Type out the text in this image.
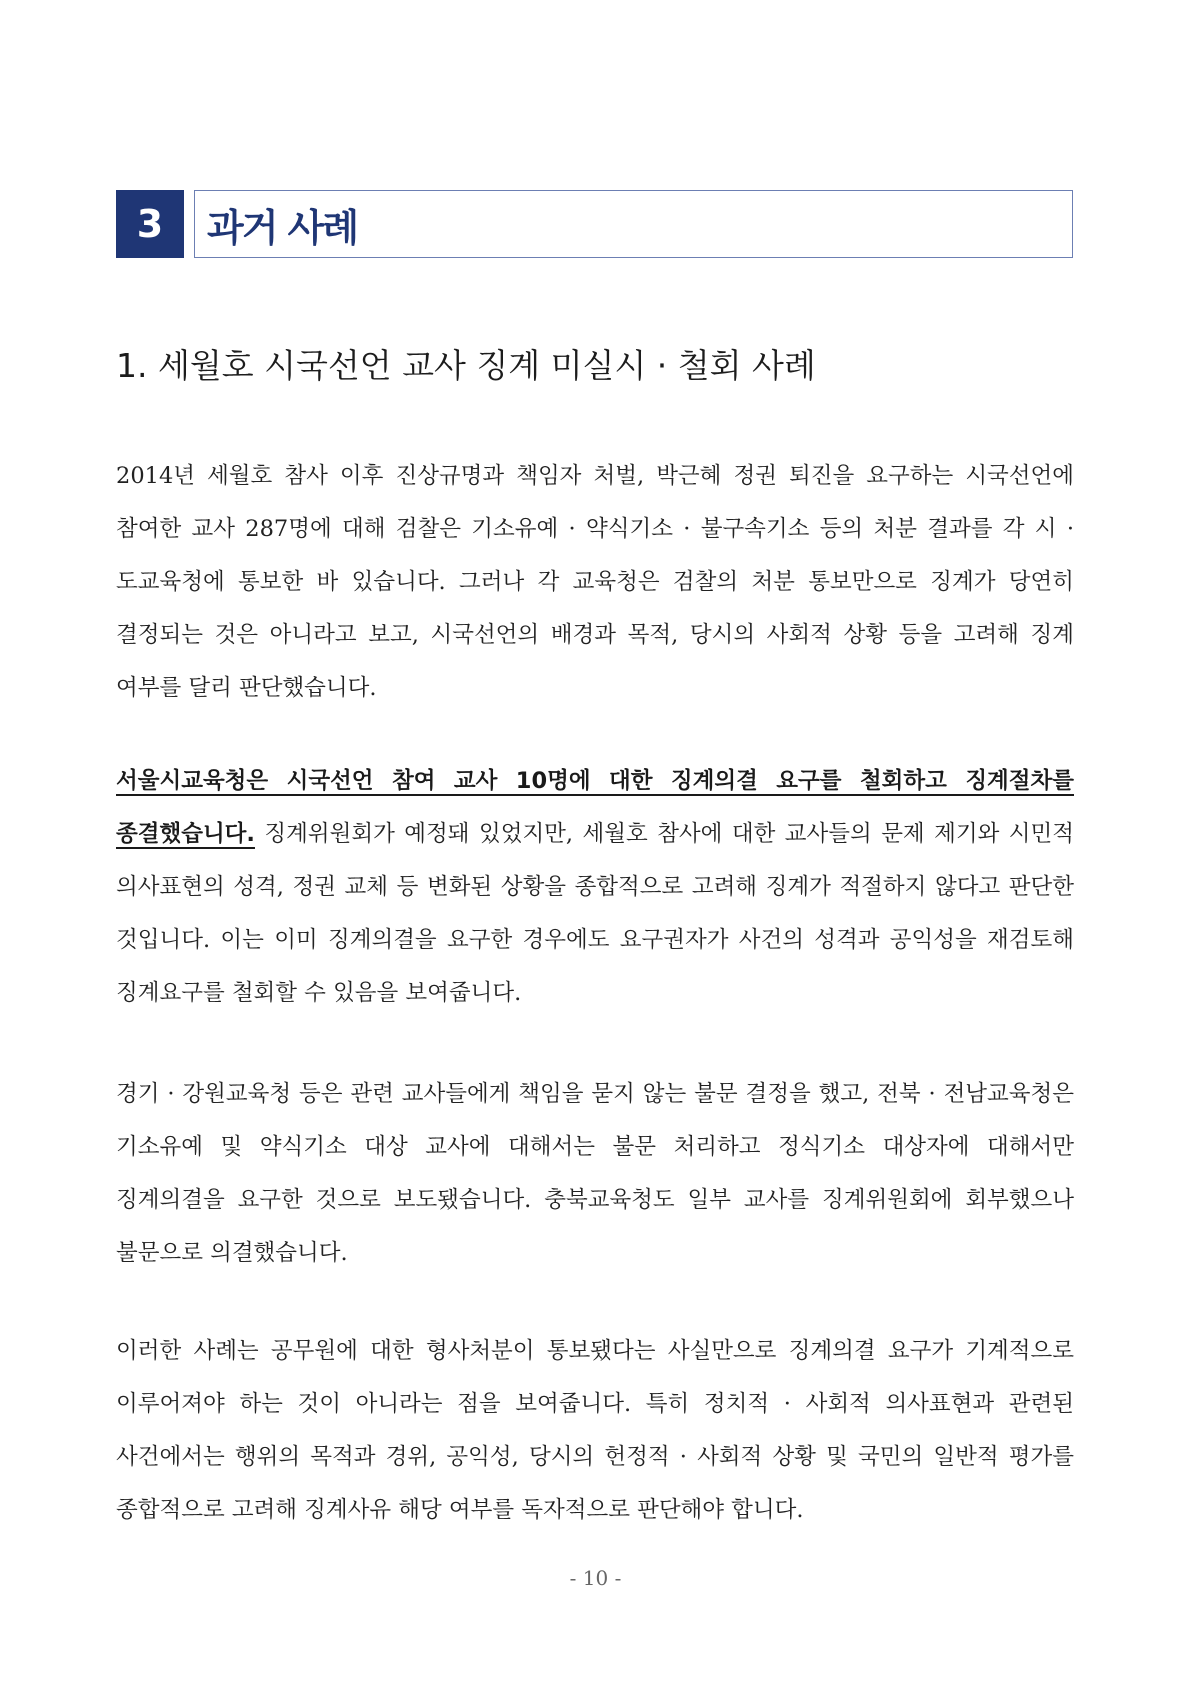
3	과거 사례
1. 세월호 시국선언 교사 징계 미실시 · 철회 사례

2014년 세월호 참사 이후 진상규명과 책임자 처벌, 박근혜 정권 퇴진을 요구하는 시국선언에 참여한 교사 287명에 대해 검찰은 기소유예 · 약식기소 · 불구속기소 등의 처분 결과를 각 시 · 도교육청에 통보한 바 있습니다. 그러나 각 교육청은 검찰의 처분 통보만으로 징계가 당연히 결정되는 것은 아니라고 보고, 시국선언의 배경과 목적, 당시의 사회적 상황 등을 고려해 징계 여부를 달리 판단했습니다.

서울시교육청은 시국선언 참여 교사 10명에 대한 징계의결 요구를 철회하고 징계절차를 종결했습니다. 징계위원회가 예정돼 있었지만, 세월호 참사에 대한 교사들의 문제 제기와 시민적 의사표현의 성격, 정권 교체 등 변화된 상황을 종합적으로 고려해 징계가 적절하지 않다고 판단한 것입니다. 이는 이미 징계의결을 요구한 경우에도 요구권자가 사건의 성격과 공익성을 재검토해 징계요구를 철회할 수 있음을 보여줍니다.

경기 · 강원교육청 등은 관련 교사들에게 책임을 묻지 않는 불문 결정을 했고, 전북 · 전남교육청은 기소유예 및 약식기소 대상 교사에 대해서는 불문 처리하고 정식기소 대상자에 대해서만 징계의결을 요구한 것으로 보도됐습니다. 충북교육청도 일부 교사를 징계위원회에 회부했으나 불문으로 의결했습니다.

이러한 사례는 공무원에 대한 형사처분이 통보됐다는 사실만으로 징계의결 요구가 기계적으로 이루어져야 하는 것이 아니라는 점을 보여줍니다. 특히 정치적 · 사회적 의사표현과 관련된 사건에서는 행위의 목적과 경위, 공익성, 당시의 헌정적 · 사회적 상황 및 국민의 일반적 평가를 종합적으로 고려해 징계사유 해당 여부를 독자적으로 판단해야 합니다.

- 10 -
